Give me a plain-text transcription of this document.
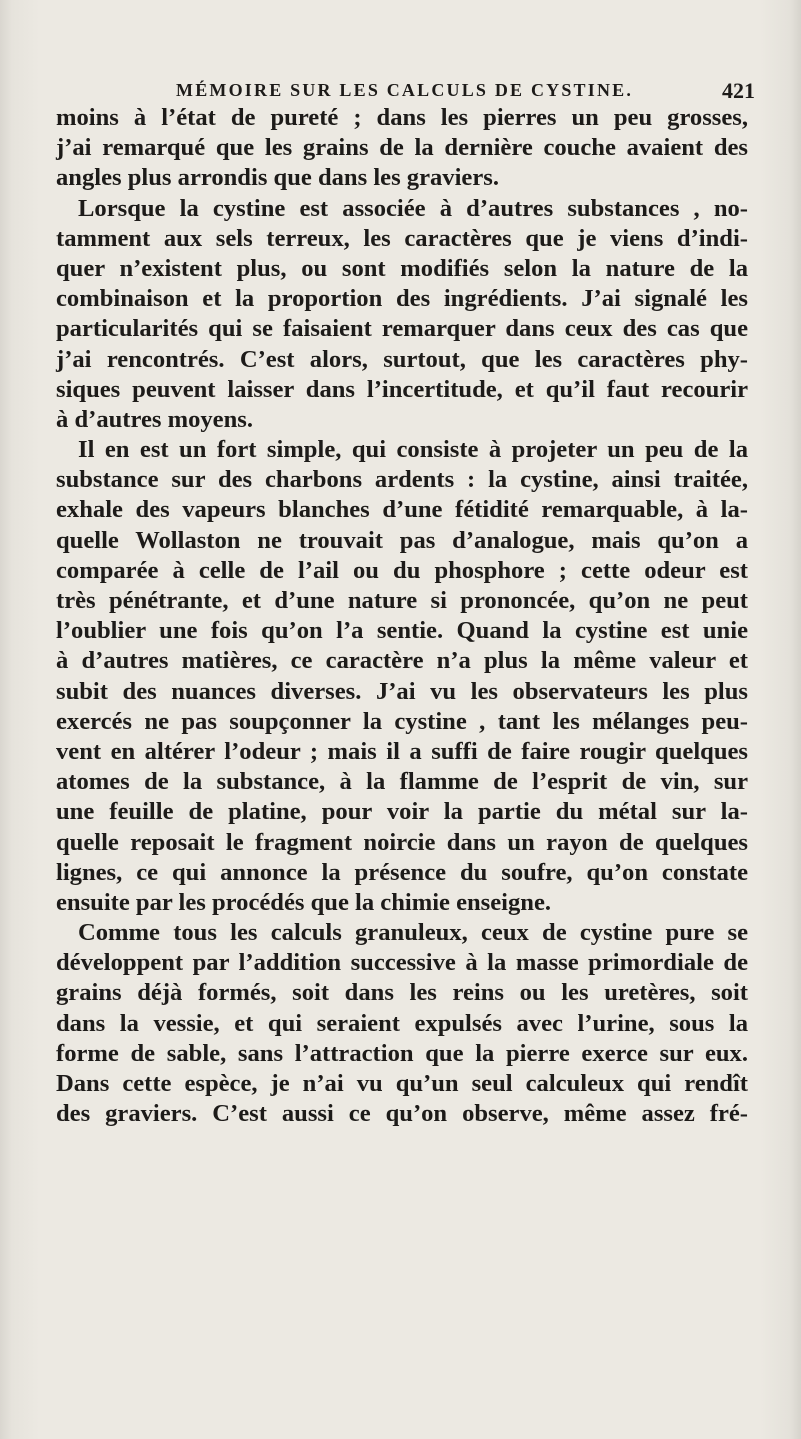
MÉMOIRE SUR LES CALCULS DE CYSTINE.	421
moins à l’état de pureté ; dans les pierres un peu grosses,
j’ai remarqué que les grains de la dernière couche avaient des
angles plus arrondis que dans les graviers.
Lorsque la cystine est associée à d’autres substances , no-
tamment aux sels terreux, les caractères que je viens d’indi-
quer n’existent plus, ou sont modifiés selon la nature de la
combinaison et la proportion des ingrédients. J’ai signalé les
particularités qui se faisaient remarquer dans ceux des cas que
j’ai rencontrés. C’est alors, surtout, que les caractères phy-
siques peuvent laisser dans l’incertitude, et qu’il faut recourir
à d’autres moyens.
Il en est un fort simple, qui consiste à projeter un peu de la
substance sur des charbons ardents : la cystine, ainsi traitée,
exhale des vapeurs blanches d’une fétidité remarquable, à la-
quelle Wollaston ne trouvait pas d’analogue, mais qu’on a
comparée à celle de l’ail ou du phosphore ; cette odeur est
très pénétrante, et d’une nature si prononcée, qu’on ne peut
l’oublier une fois qu’on l’a sentie. Quand la cystine est unie
à d’autres matières, ce caractère n’a plus la même valeur et
subit des nuances diverses. J’ai vu les observateurs les plus
exercés ne pas soupçonner la cystine , tant les mélanges peu-
vent en altérer l’odeur ; mais il a suffi de faire rougir quelques
atomes de la substance, à la flamme de l’esprit de vin, sur
une feuille de platine, pour voir la partie du métal sur la-
quelle reposait le fragment noircie dans un rayon de quelques
lignes, ce qui annonce la présence du soufre, qu’on constate
ensuite par les procédés que la chimie enseigne.
Comme tous les calculs granuleux, ceux de cystine pure se
développent par l’addition successive à la masse primordiale de
grains déjà formés, soit dans les reins ou les uretères, soit
dans la vessie, et qui seraient expulsés avec l’urine, sous la
forme de sable, sans l’attraction que la pierre exerce sur eux.
Dans cette espèce, je n’ai vu qu’un seul calculeux qui rendît
des graviers. C’est aussi ce qu’on observe, même assez fré-
